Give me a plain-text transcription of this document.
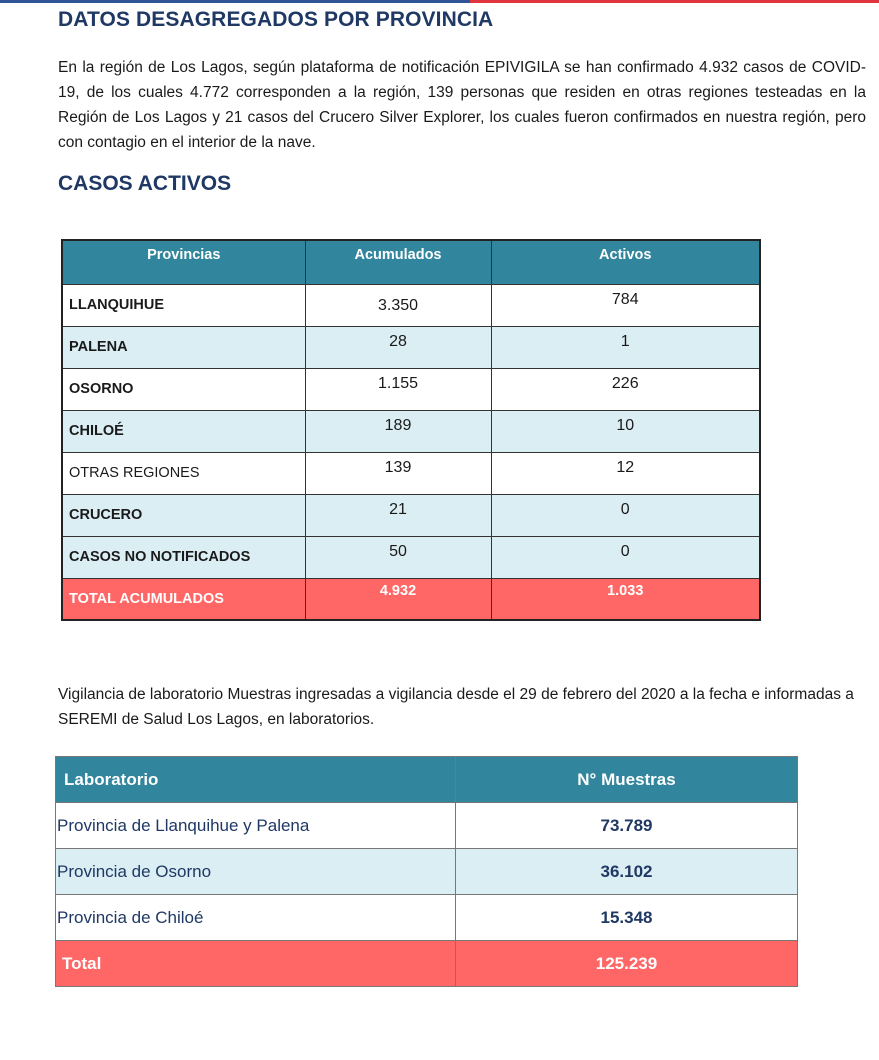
DATOS DESAGREGADOS POR PROVINCIA
En la región de Los Lagos, según plataforma de notificación EPIVIGILA se han confirmado 4.932 casos de COVID-19, de los cuales 4.772 corresponden a la región, 139 personas que residen en otras regiones testeadas en la Región de Los Lagos y 21 casos del Crucero Silver Explorer, los cuales fueron confirmados en nuestra región, pero con contagio en el interior de la nave.
CASOS ACTIVOS
Provincias	Acumulados	Activos
LLANQUIHUE	3.350	784
PALENA	28	1
OSORNO	1.155	226
CHILOÉ	189	10
OTRAS REGIONES	139	12
CRUCERO	21	0
CASOS NO NOTIFICADOS	50	0
TOTAL ACUMULADOS	4.932	1.033
Vigilancia de laboratorio Muestras ingresadas a vigilancia desde el 29 de febrero del 2020 a la fecha e informadas a SEREMI de Salud Los Lagos, en laboratorios.
Laboratorio	N° Muestras
Provincia de Llanquihue y Palena	73.789
Provincia de Osorno	36.102
Provincia de Chiloé	15.348
Total	125.239
